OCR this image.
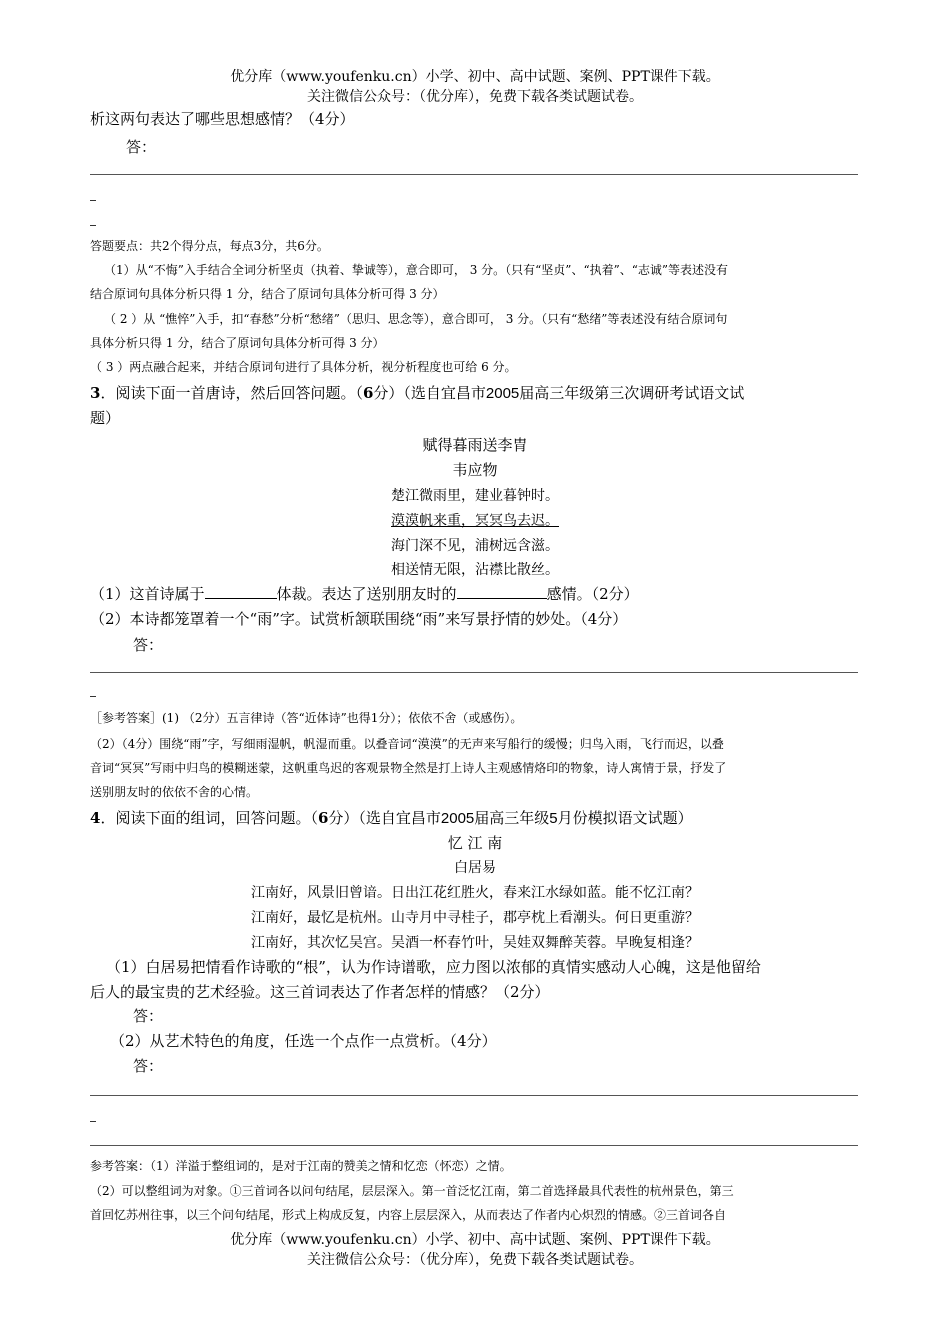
优分库（www.youfenku.cn）小学、初中、高中试题、案例、PPT课件下载。
关注微信公众号：（优分库），免费下载各类试题试卷。
析这两句表达了哪些思想感情？（4分）
答：
答题要点：共2个得分点，每点3分，共6分。
（1）从“不悔”入手结合全词分析坚贞（执着、挚诚等），意合即可， 3 分。（只有“坚贞”、“执着”、“志诚”等表述没有
结合原词句具体分析只得 1 分，结合了原词句具体分析可得 3 分）
（ 2 ）从 “憔悴”入手，扣“春愁”分析“愁绪”（思归、思念等），意合即可， 3 分。（只有“愁绪”等表述没有结合原词句
具体分析只得 1 分，结合了原词句具体分析可得 3 分）
（ 3 ）两点融合起来，并结合原词句进行了具体分析，视分析程度也可给 6 分。
3．阅读下面一首唐诗，然后回答问题。（6分）（选自宜昌市2005届高三年级第三次调研考试语文试
题）
赋得暮雨送李胄
韦应物
楚江微雨里，建业暮钟时。
漠漠帆来重，冥冥鸟去迟。
海门深不见，浦树远含滋。
相送情无限，沾襟比散丝。
（1）这首诗属于	体裁。表达了送别朋友时的	感情。（2分）
（2）本诗都笼罩着一个“雨”字。试赏析颔联围绕“雨”来写景抒情的妙处。（4分）
答：
［参考答案］(1) （2分）五言律诗（答“近体诗”也得1分）；依依不舍（或感伤）。
（2）（4分）围绕“雨”字，写细雨湿帆，帆湿而重。以叠音词“漠漠”的无声来写船行的缓慢；归鸟入雨，飞行而迟，以叠
音词“冥冥”写雨中归鸟的模糊迷蒙，这帆重鸟迟的客观景物全然是打上诗人主观感情烙印的物象，诗人寓情于景，抒发了
送别朋友时的依依不舍的心情。
4．阅读下面的组词，回答问题。（6分）（选自宜昌市2005届高三年级5月份模拟语文试题）
忆 江 南
白居易
江南好，风景旧曾谙。日出江花红胜火，春来江水绿如蓝。能不忆江南？
江南好，最忆是杭州。山寺月中寻桂子，郡亭枕上看潮头。何日更重游？
江南好，其次忆吴宫。吴酒一杯春竹叶，吴娃双舞醉芙蓉。早晚复相逢？
（1）白居易把情看作诗歌的“根”，认为作诗谱歌，应力图以浓郁的真情实感动人心魄，这是他留给
后人的最宝贵的艺术经验。这三首词表达了作者怎样的情感？（2分）
答：
（2）从艺术特色的角度，任选一个点作一点赏析。（4分）
答：
参考答案：（1）洋溢于整组词的，是对于江南的赞美之情和忆恋（怀恋）之情。
（2）可以整组词为对象。①三首词各以问句结尾，层层深入。第一首泛忆江南，第二首选择最具代表性的杭州景色，第三
首回忆苏州往事，以三个问句结尾，形式上构成反复，内容上层层深入，从而表达了作者内心炽烈的情感。②三首词各自
优分库（www.youfenku.cn）小学、初中、高中试题、案例、PPT课件下载。
关注微信公众号：（优分库），免费下载各类试题试卷。
